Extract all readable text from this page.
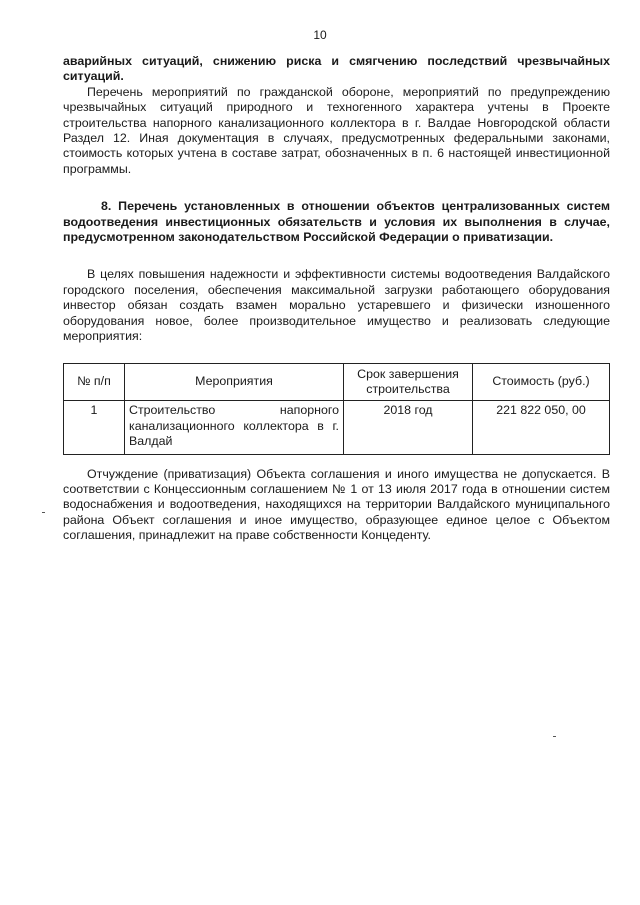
10

аварийных ситуаций, снижению риска и смягчению последствий чрезвычайных ситуаций.

Перечень мероприятий по гражданской обороне, мероприятий по предупреждению чрезвычайных ситуаций природного и техногенного характера учтены в Проекте строительства напорного канализационного коллектора в г. Валдае Новгородской области Раздел 12. Иная документация в случаях, предусмотренных федеральными законами, стоимость которых учтена в составе затрат, обозначенных в п. 6 настоящей инвестиционной программы.

8. Перечень установленных в отношении объектов централизованных систем водоотведения инвестиционных обязательств и условия их выполнения в случае, предусмотренном законодательством Российской Федерации о приватизации.

В целях повышения надежности и эффективности системы водоотведения Валдайского городского поселения, обеспечения максимальной загрузки работающего оборудования инвестор обязан создать взамен морально устаревшего и физически изношенного оборудования новое, более производительное имущество и реализовать следующие мероприятия:

№ п/п	Мероприятия	Срок завершения строительства	Стоимость (руб.)
1	Строительство напорного канализационного коллектора в г. Валдай	2018 год	221 822 050, 00

Отчуждение (приватизация) Объекта соглашения и иного имущества не допускается. В соответствии с Концессионным соглашением № 1 от 13 июля 2017 года в отношении систем водоснабжения и водоотведения, находящихся на территории Валдайского муниципального района Объект соглашения и иное имущество, образующее единое целое с Объектом соглашения, принадлежит на праве собственности Концеденту.
